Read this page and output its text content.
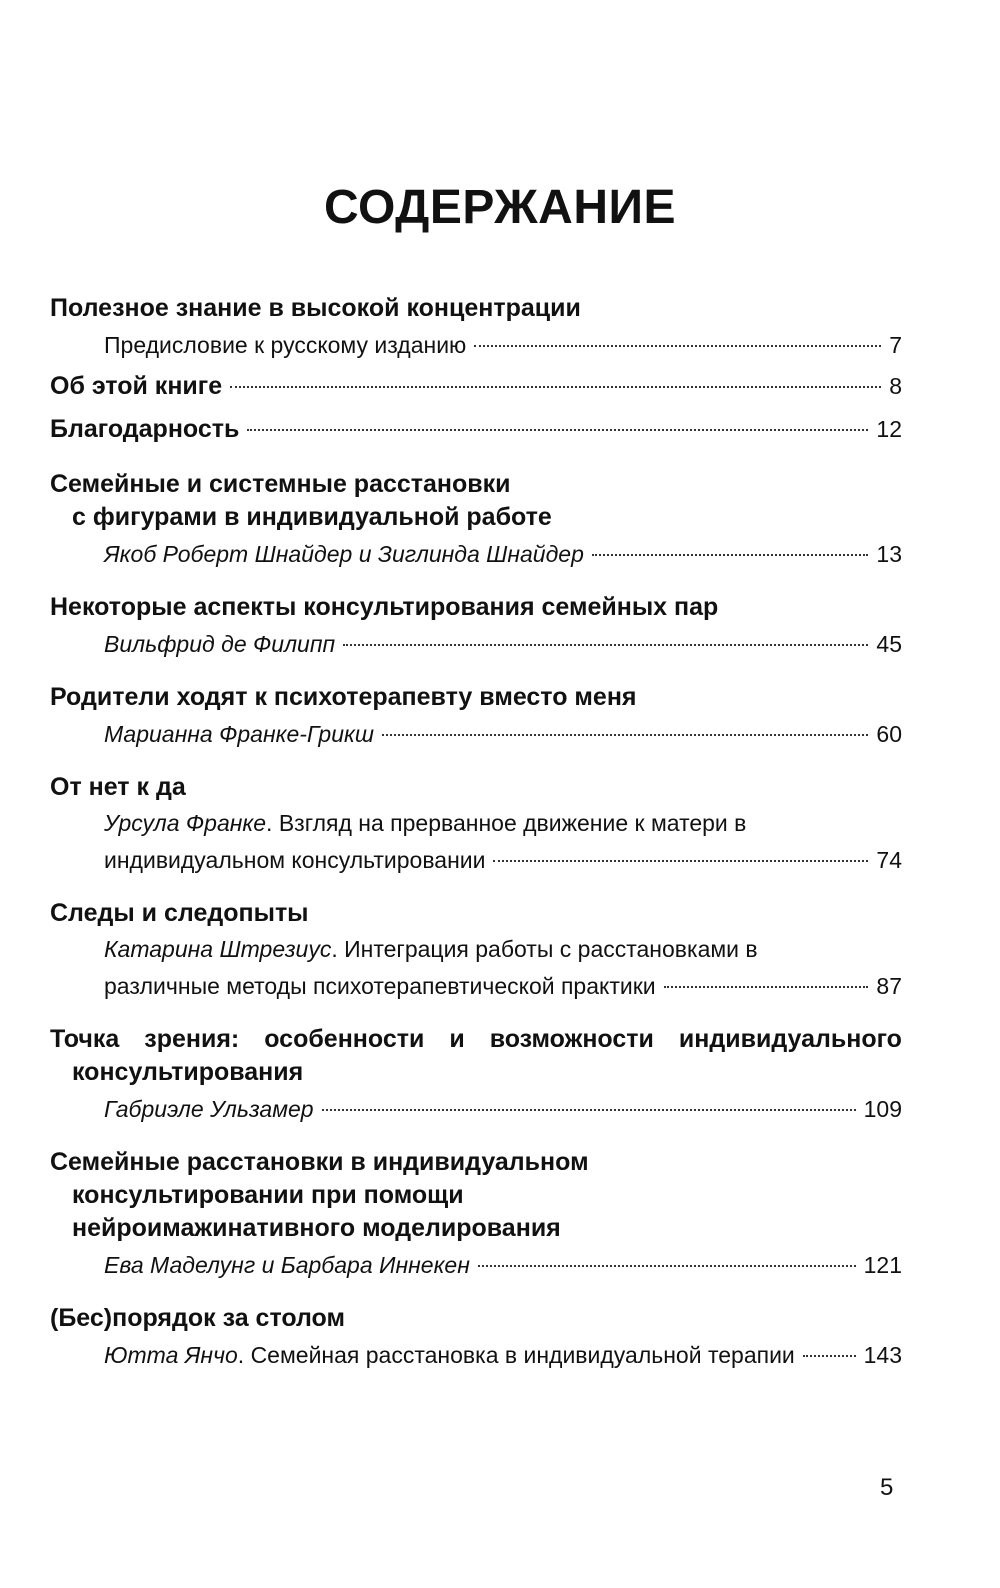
СОДЕРЖАНИЕ
Полезное знание в высокой концентрации
Предисловие к русскому изданию	7
Об этой книге	8
Благодарность	12
Семейные и системные расстановки
с фигурами в индивидуальной работе
Якоб Роберт Шнайдер и Зиглинда Шнайдер	13
Некоторые аспекты консультирования семейных пар
Вильфрид де Филипп	45
Родители ходят к психотерапевту вместо меня
Марианна Франке-Грикш	60
От нет к да
Урсула Франке. Взгляд на прерванное движение к матери в
индивидуальном консультировании	74
Следы и следопыты
Катарина Штрезиус. Интеграция работы с расстановками в
различные методы психотерапевтической практики	87
Точка зрения: особенности и возможности индивидуального
консультирования
Габриэле Ульзамер	109
Семейные расстановки в индивидуальном
консультировании при помощи
нейроимажинативного моделирования
Ева Маделунг и Барбара Иннекен	121
(Бес)порядок за столом
Ютта Янчо. Семейная расстановка в индивидуальной терапии	143
5
